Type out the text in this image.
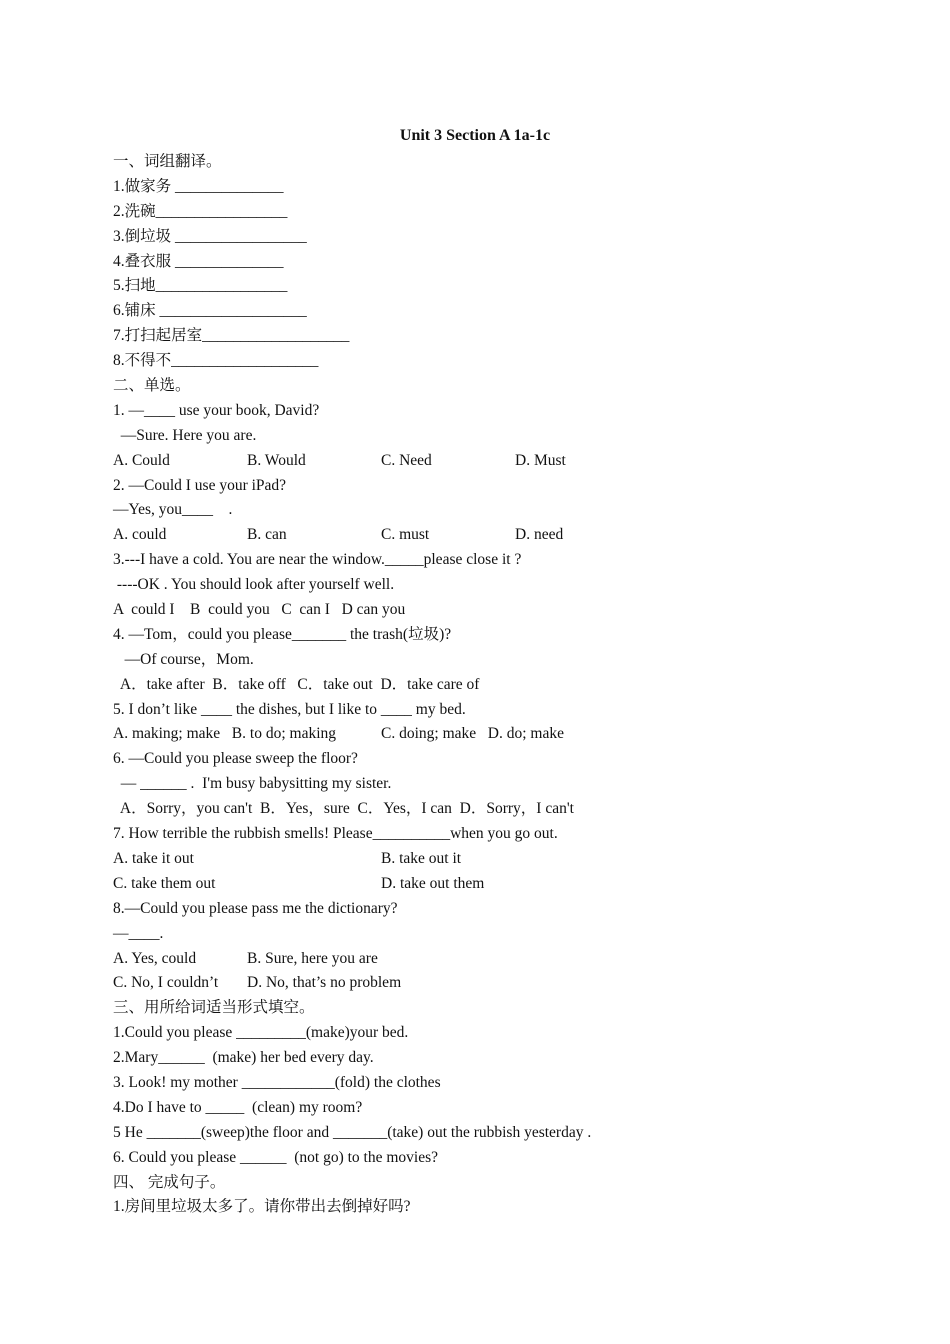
Unit 3 Section A 1a-1c
一、词组翻译。
1.做家务 ______________
2.洗碗_________________
3.倒垃圾 _________________
4.叠衣服 ______________
5.扫地_________________
6.铺床 ___________________
7.打扫起居室___________________
8.不得不___________________
二、单选。
1. —____ use your book, David?
—Sure. Here you are.
A. Could	B. Would	C. Need	D. Must
2. —Could I use your iPad?
—Yes, you____    .
A. could	B. can	C. must	D. need
3.---I have a cold. You are near the window._____please close it ?
----OK . You should look after yourself well.
A  could I    B  could you   C  can I   D can you
4. —Tom，could you please_______ the trash(垃圾)?
—Of course，Mom.
A．take after  B．take off   C．take out  D．take care of
5. I don’t like ____ the dishes, but I like to ____ my bed.
A. making; make   B. to do; making	C. doing; make   D. do; make
6. —Could you please sweep the floor?
— ______ .  I'm busy babysitting my sister.
A．Sorry，you can't  B．Yes，sure  C．Yes，I can  D．Sorry，I can't
7. How terrible the rubbish smells! Please__________when you go out.
A. take it out	B. take out it
C. take them out	D. take out them
8.—Could you please pass me the dictionary?
—____.
A. Yes, could	B. Sure, here you are
C. No, I couldn’t D. No, that’s no problem
三、用所给词适当形式填空。
1.Could you please _________(make)your bed.
2.Mary______  (make) her bed every day.
3. Look! my mother ____________(fold) the clothes
4.Do I have to _____  (clean) my room?
5 He _______(sweep)the floor and _______(take) out the rubbish yesterday .
6. Could you please ______  (not go) to the movies?
四、 完成句子。
1.房间里垃圾太多了。请你带出去倒掉好吗?
